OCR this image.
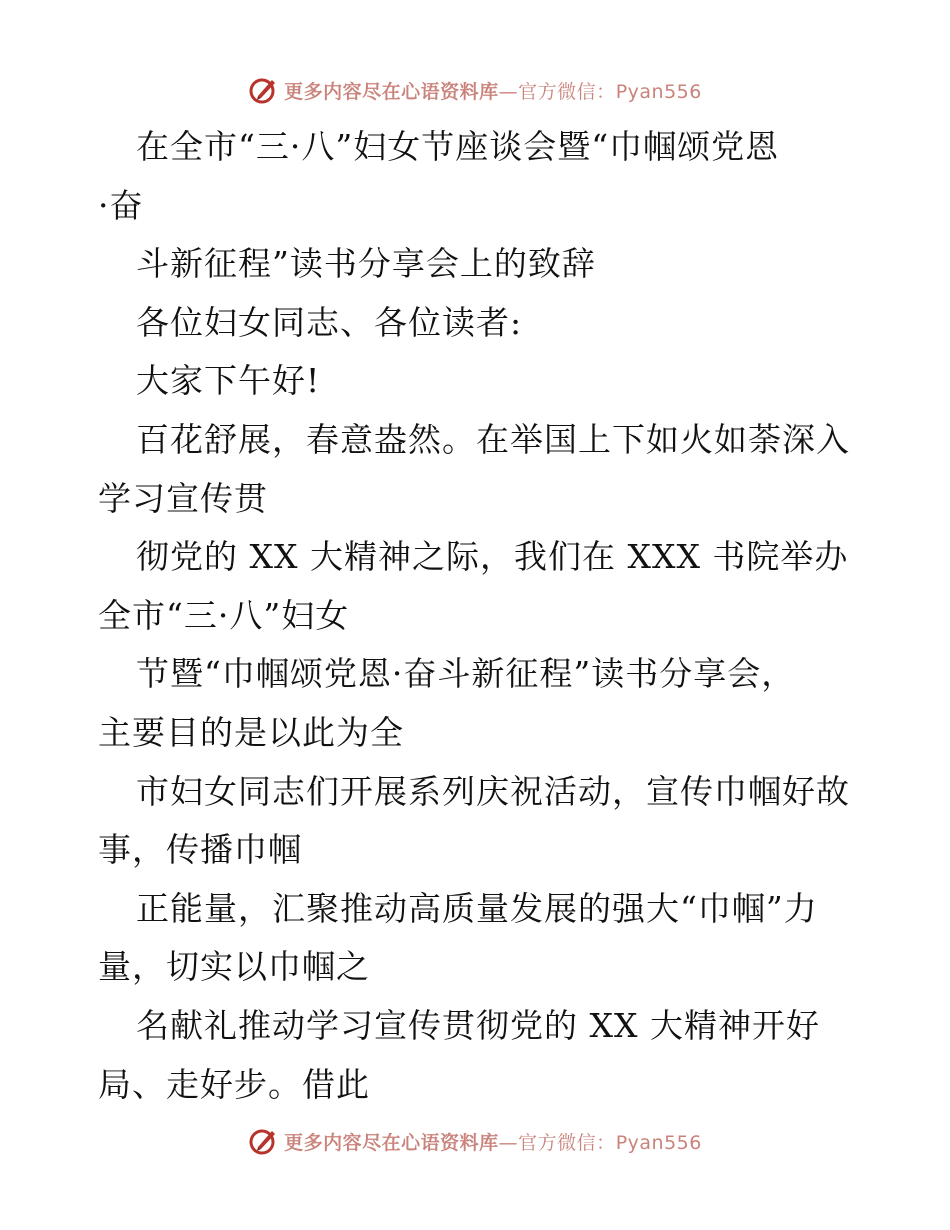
更多内容尽在心语资料库—官方微信：Pyan556
在全市“三·八”妇女节座谈会暨“巾帼颂党恩
·奋
斗新征程”读书分享会上的致辞
各位妇女同志、各位读者:
大家下午好!
百花舒展，春意盎然。在举国上下如火如荼深入
学习宣传贯
彻党的 XX 大精神之际，我们在 XXX 书院举办
全市“三·八”妇女
节暨“巾帼颂党恩·奋斗新征程”读书分享会，
主要目的是以此为全
市妇女同志们开展系列庆祝活动，宣传巾帼好故
事，传播巾帼
正能量，汇聚推动高质量发展的强大“巾帼”力
量，切实以巾帼之
名献礼推动学习宣传贯彻党的 XX 大精神开好
局、走好步。借此
更多内容尽在心语资料库—官方微信：Pyan556
